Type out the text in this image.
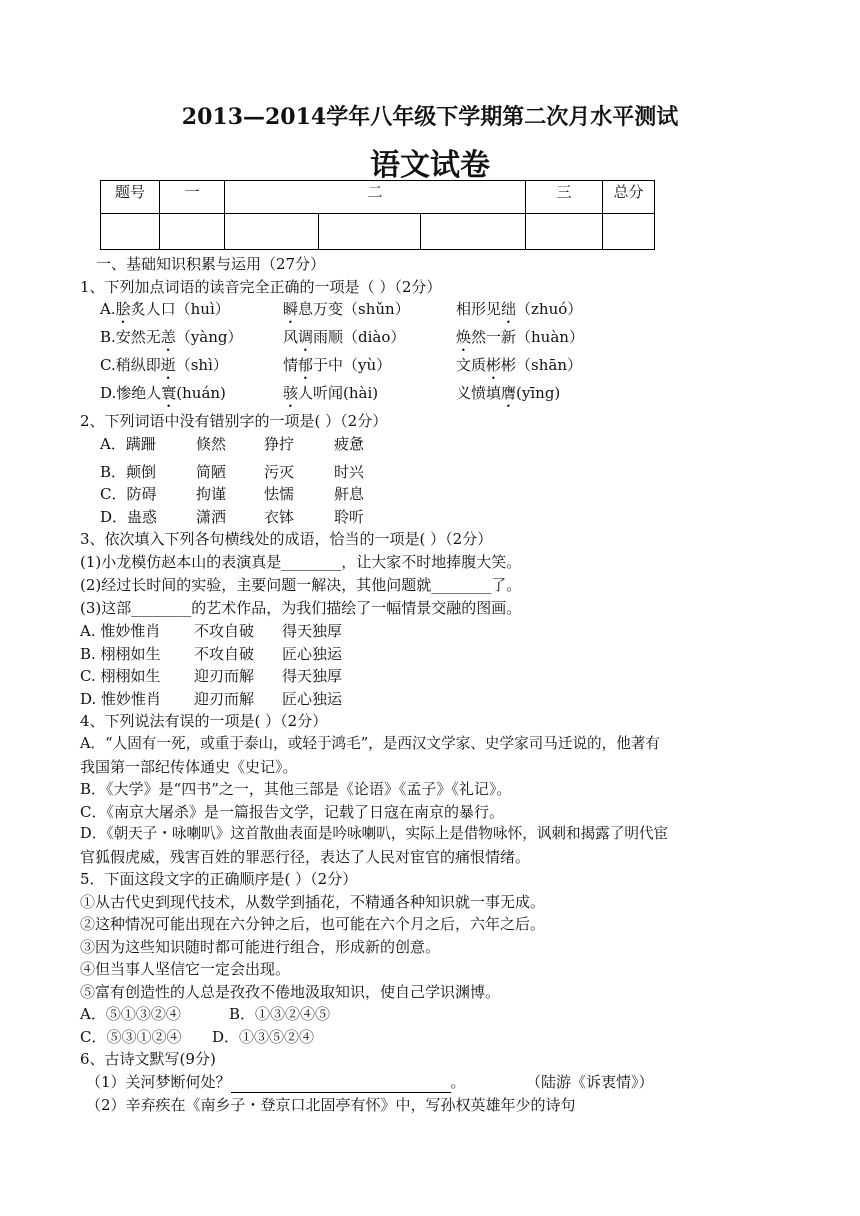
2013—2014学年八年级下学期第二次月水平测试
语文试卷
题号	一	二			三	总分

一、基础知识积累与运用（27分）
1、下列加点词语的读音完全正确的一项是（ ）（2分）
A.脍炙人口（huì）	瞬息万变（shǔn）	相形见绌（zhuó）
B.安然无恙（yàng）	风调雨顺（diào）	焕然一新（huàn）
C.稍纵即逝（shì）	情郁于中（yù）	文质彬彬（shān）
D.惨绝人寰(huán)	骇人听闻(hài)	义愤填膺(yīng)
2、下列词语中没有错别字的一项是( ）（2分）
A．蹒跚	倏然	狰拧	疲惫
B．颠倒	简陋	污灭	时兴
C．防碍	拘谨	怯懦	鼾息
D．蛊惑	潇洒	衣钵	聆听
3、依次填入下列各句横线处的成语，恰当的一项是( ）（2分）
(1)小龙模仿赵本山的表演真是________，让大家不时地捧腹大笑。
(2)经过长时间的实验，主要问题一解决，其他问题就________了。
(3)这部________的艺术作品，为我们描绘了一幅情景交融的图画。
A. 惟妙惟肖 不攻自破 得天独厚
B. 栩栩如生 不攻自破 匠心独运
C. 栩栩如生 迎刃而解 得天独厚
D. 惟妙惟肖 迎刃而解 匠心独运
4、下列说法有误的一项是( ）（2分）
A．“人固有一死，或重于泰山，或轻于鸿毛”，是西汉文学家、史学家司马迁说的，他著有
我国第一部纪传体通史《史记》。
B．《大学》是“四书”之一，其他三部是《论语》《孟子》《礼记》。
C．《南京大屠杀》是一篇报告文学，记载了日寇在南京的暴行。
D．《朝天子・咏喇叭》这首散曲表面是吟咏喇叭，实际上是借物咏怀，讽刺和揭露了明代宦
官狐假虎威，残害百姓的罪恶行径，表达了人民对宦官的痛恨情绪。
5．下面这段文字的正确顺序是( ）（2分）
①从古代史到现代技术，从数学到插花，不精通各种知识就一事无成。
②这种情况可能出现在六分钟之后，也可能在六个月之后，六年之后。
③因为这些知识随时都可能进行组合，形成新的创意。
④但当事人坚信它一定会出现。
⑤富有创造性的人总是孜孜不倦地汲取知识，使自己学识渊博。
A．⑤①③②④	B．①③②④⑤
C．⑤③①②④ D．①③⑤②④
6、古诗文默写(9分)
（1）关河梦断何处？	。	（陆游《诉衷情》）
（2）辛弃疾在《南乡子・登京口北固亭有怀》中，写孙权英雄年少的诗句
